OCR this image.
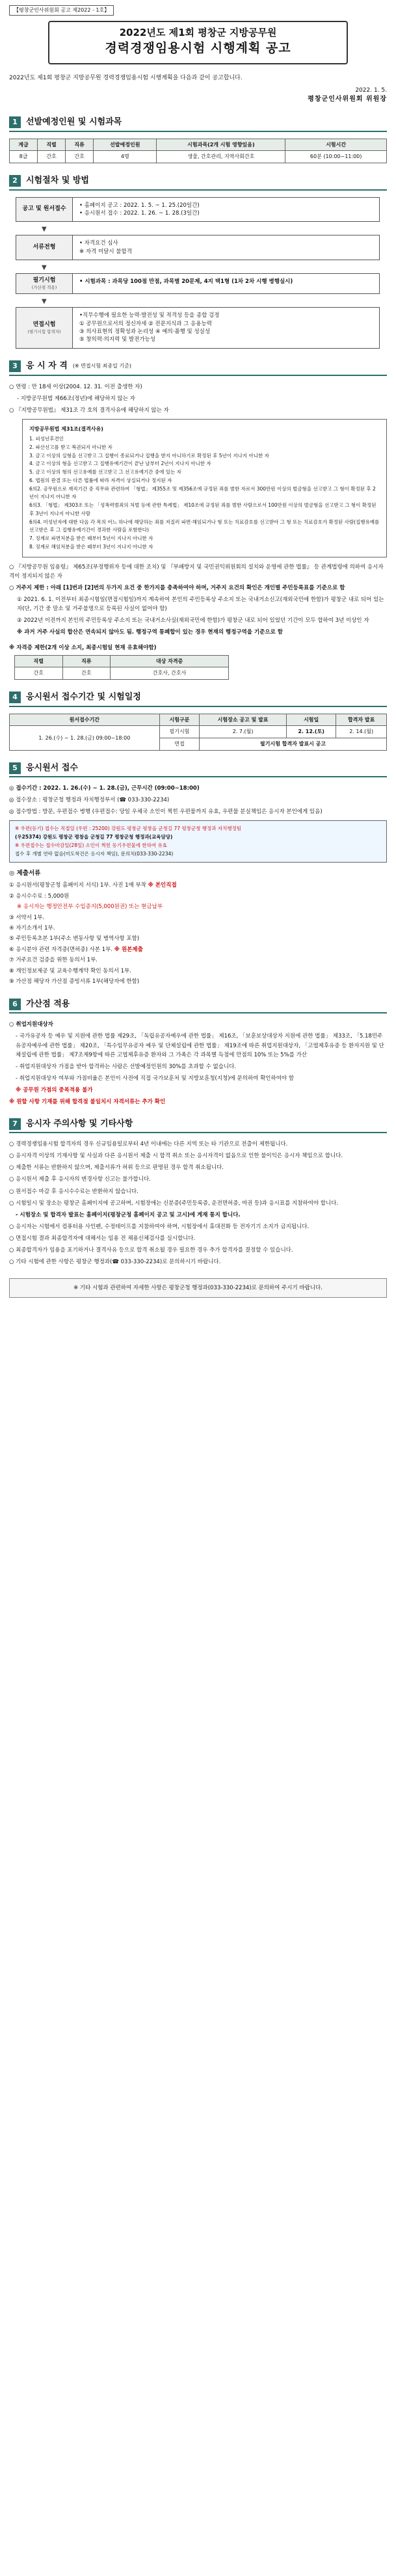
【평창군인사위원회 공고 제2022 - 1호】
2022년도 제1회 평창군 지방공무원
경력경쟁임용시험 시행계획 공고

2022년도 제1회 평창군 지방공무원 경력경쟁임용시험 시행계획을 다음과 같이 공고합니다.

2022. 1. 5.
평창군인사위원회 위원장
1	선발예정인원 및 시험과목
계급	직렬	직류	선발예정인원	시험과목(2개 시험 영향있음)	시험시간
8급	간호	간호	4명	생물, 간호관리, 지역사회간호	60분 (10:00~11:00)
2	시험절차 및 방법
공고 및 원서접수
• 홈페이지 공고 : 2022. 1. 5. ~ 1. 25.(20일간)
• 응시원서 접수 : 2022. 1. 26. ~ 1. 28.(3일간)
▼
서류전형
• 자격요건 심사
※ 자격 미달시 불합격
▼
필기시험
(가산점 적용)
• 시험과목 : 과목당 100점 만점, 과목별 20문제, 4지 택1형 (1차 2차 시행 병행실시)
▼
면접시험
(필기시험 합격자)
•직무수행에 필요한 능력·발전성 및 적격성 등을 종합 검정
① 공무원으로서의 정신자세 ② 전문지식과 그 응용능력
③ 의사표현의 정확성과 논리성 ④ 예의·품행 및 성실성
⑤ 창의력·의지력 및 발전가능성
3	응 시 자 격 (※ 면접시험 최종일 기준)

○ 연령 : 만 18세 이상(2004. 12. 31. 이전 출생한 자)

- 지방공무원법 제66조(정년)에 해당하지 않는 자

○ 『지방공무원법』 제31조 각 호의 결격사유에 해당하지 않는 자

지방공무원법 제31조(결격사유)
1. 피성년후견인
2. 파산선고를 받고 복권되지 아니한 자
3. 금고 이상의 실형을 선고받고 그 집행이 종료되거나 집행을 받지 아니하기로 확정된 후 5년이 지나지 아니한 자
4. 금고 이상의 형을 선고받고 그 집행유예기간이 끝난 날부터 2년이 지나지 아니한 자
5. 금고 이상의 형의 선고유예를 선고받고 그 선고유예기간 중에 있는 자
6. 법원의 판결 또는 다른 법률에 따라 자격이 상실되거나 정지된 자
6의2. 공무원으로 재직기간 중 직무와 관련하여 「형법」 제355조 및 제356조에 규정된 죄를 범한 자로서 300만원 이상의 벌금형을 선고받고 그 형이 확정된 후 2년이 지나지 아니한 자
6의3. 「형법」 제303조 또는 「성폭력범죄의 처벌 등에 관한 특례법」 제10조에 규정된 죄를 범한 사람으로서 100만원 이상의 벌금형을 선고받고 그 형이 확정된 후 3년이 지나지 아니한 사람
6의4. 미성년자에 대한 다음 각 목의 어느 하나에 해당하는 죄를 저질러 파면·해임되거나 형 또는 치료감호를 선고받아 그 형 또는 치료감호가 확정된 사람(집행유예를 선고받은 후 그 집행유예기간이 경과한 사람을 포함한다)
7. 징계로 파면처분을 받은 때부터 5년이 지나지 아니한 자
8. 징계로 해임처분을 받은 때부터 3년이 지나지 아니한 자

○ 『지방공무원 임용령』 제65조(부정행위자 등에 대한 조치) 및 『부패방지 및 국민권익위원회의 설치와 운영에 관한 법률』 등 관계법령에 의하여 응시자격이 정지되지 않은 자

○ 거주지 제한 : 아래 [1]번과 [2]번의 두가지 요건 중 한가지를 충족하여야 하며, 거주지 요건의 확인은 개인별 주민등록표를 기준으로 함

① 2021. 6. 1. 이전부터 최종시험일(면접시험일)까지 계속하여 본인의 주민등록상 주소지 또는 국내거소신고(재외국민에 한함)가 평창군 내로 되어 있는 자(단, 기간 중 말소 및 거주불명으로 등록된 사실이 없어야 함)

② 2022년 이전까지 본인의 주민등록상 주소지 또는 국내거소사실(재외국민에 한함)가 평창군 내로 되어 있었던 기간이 모두 합하여 3년 이상인 자

※ 과거 거주 사실의 합산은 연속되지 않아도 됨. 행정구역 통폐합이 있는 경우 현재의 행정구역을 기준으로 함

※ 자격증 제한(2개 이상 소지, 최종시험일 현재 유효해야함)

직렬	직류	대상 자격증
간호	간호	간호사, 간호사
4	응시원서 접수기간 및 시험일정
원서접수기간	시험구분	시험장소 공고 및 발표	시험일	합격자 발표
1. 26.(수) ~ 1. 28.(금) 09:00~18:00	필기시험	2. 7.(월)	2. 12.(토)	2. 14.(월)
	면접	필기시험 합격자 발표시 공고		
5	응시원서 접수

◎ 접수기간 : 2022. 1. 26.(수) ~ 1. 28.(금), 근무시간 (09:00~18:00)

◎ 접수장소 : 평창군청 행정과 자치행정부서 (☎ 033-330-2234)

◎ 접수방법 : 방문, 우편접수 병행 (우편접수: 당일 우체국 소인이 찍힌 우편물까지 유효, 우편물 분실책임은 응시자 본인에게 있음)

※ 우편(등기) 접수는 직접일 (우편 : 25200) 강원도 평창군 평창읍 군청길 77 평창군청 행정과 자치행정팀
(우25374) 강원도 평창군 평창읍 군청길 77 평창군청 행정과(교육담당)
※ 우편접수는 접수마감일(28일) 소인이 찍힌 등기우편물에 한하여 유효
접수 후 개별 연락 없음(미도착건은 응시자 책임), 문의처(033-330-2234)
◎ 제출서류
① 응시원서(평창군청 홈페이지 서식) 1부. 사진 1매 부착 ※ 본인직접
② 응시수수료 : 5,000원
※ 응시자는 행정안전부 수입증지(5,000원권) 또는 현금납부
③ 서약서 1부.
④ 자기소개서 1부.
⑤ 주민등록초본 1부(주소 변동사항 및 병역사항 포함)
⑥ 응시분야 관련 자격증(면허증) 사본 1부. ※ 원본제출
⑦ 거주요건 검증을 위한 동의서 1부.
⑧ 개인정보제공 및 교육수행계약 확인 동의서 1부.
⑨ 가산점 해당자 가산점 증빙서류 1부(해당자에 한함)
6	가산점 적용

○ 취업지원대상자

- 국가유공자 등 예우 및 지원에 관한 법률 제29조, 「독립유공자예우에 관한 법률」 제16조, 「보훈보상대상자 지원에 관한 법률」 제33조, 「5.18민주유공자예우에 관한 법률」 제20조, 「특수임무유공자 예우 및 단체설립에 관한 법률」 제19조에 따른 취업지원대상자, 「고엽제후유증 등 환자지원 및 단체설립에 관한 법률」 제7조제9항에 따른 고엽제후유증 환자와 그 가족은 각 과목별 득점에 만점의 10% 또는 5%를 가산

- 취업지원대상자 가점을 받아 합격하는 사람은 선발예정인원의 30%를 초과할 수 없습니다.

- 취업지원대상자 여부와 가점비율은 본인이 사전에 직접 국가보훈처 및 지방보훈청(지청)에 문의하여 확인하여야 함

※ 공무원 가점의 중복적용 불가

※ 원할 사항 기재를 위해 합격점 불일치시 자격서류는 추가 확인

7	응시자 주의사항 및 기타사항

○ 경력경쟁임용시험 합격자의 경우 신규임용일로부터 4년 이내에는 다른 지역 또는 타 기관으로 전출이 제한됩니다.

○ 응시자격 이상의 기재사항 및 사실과 다른 응시원서 제출 시 합격 취소 또는 응시자격이 없음으로 인한 불이익은 응시자 책임으로 합니다.

○ 제출한 서류는 반환하지 않으며, 제출서류가 허위 등으로 판명된 경우 합격 취소됩니다.

○ 응시원서 제출 후 응시자의 변경사항 신고는 불가합니다.

○ 원서접수 마감 후 응시수수료는 반환하지 않습니다.

○ 시험일시 및 장소는 평창군 홈페이지에 공고하며, 시험장에는 신분증(주민등록증, 운전면허증, 여권 등)과 응시표를 지참하여야 합니다.

- 시험장소 및 합격자 발표는 홈페이지(평창군청 홈페이지 공고 및 고시)에 게재 통지 합니다.

○ 응시자는 시험에서 컴퓨터용 사인펜, 수정테이프를 지참하여야 하며, 시험장에서 휴대전화 등 전자기기 소지가 금지됩니다.

○ 면접시험 결과 최종합격자에 대해서는 임용 전 채용신체검사를 실시합니다.

○ 최종합격자가 임용을 포기하거나 결격사유 등으로 합격 취소될 경우 필요한 경우 추가 합격자를 결정할 수 있습니다.

○ 기타 시험에 관한 사항은 평창군 행정과(☎ 033-330-2234)로 문의하시기 바랍니다.

※ 기타 시험과 관련하여 자세한 사항은 평창군청 행정과(033-330-2234)로 문의하여 주시기 바랍니다.
